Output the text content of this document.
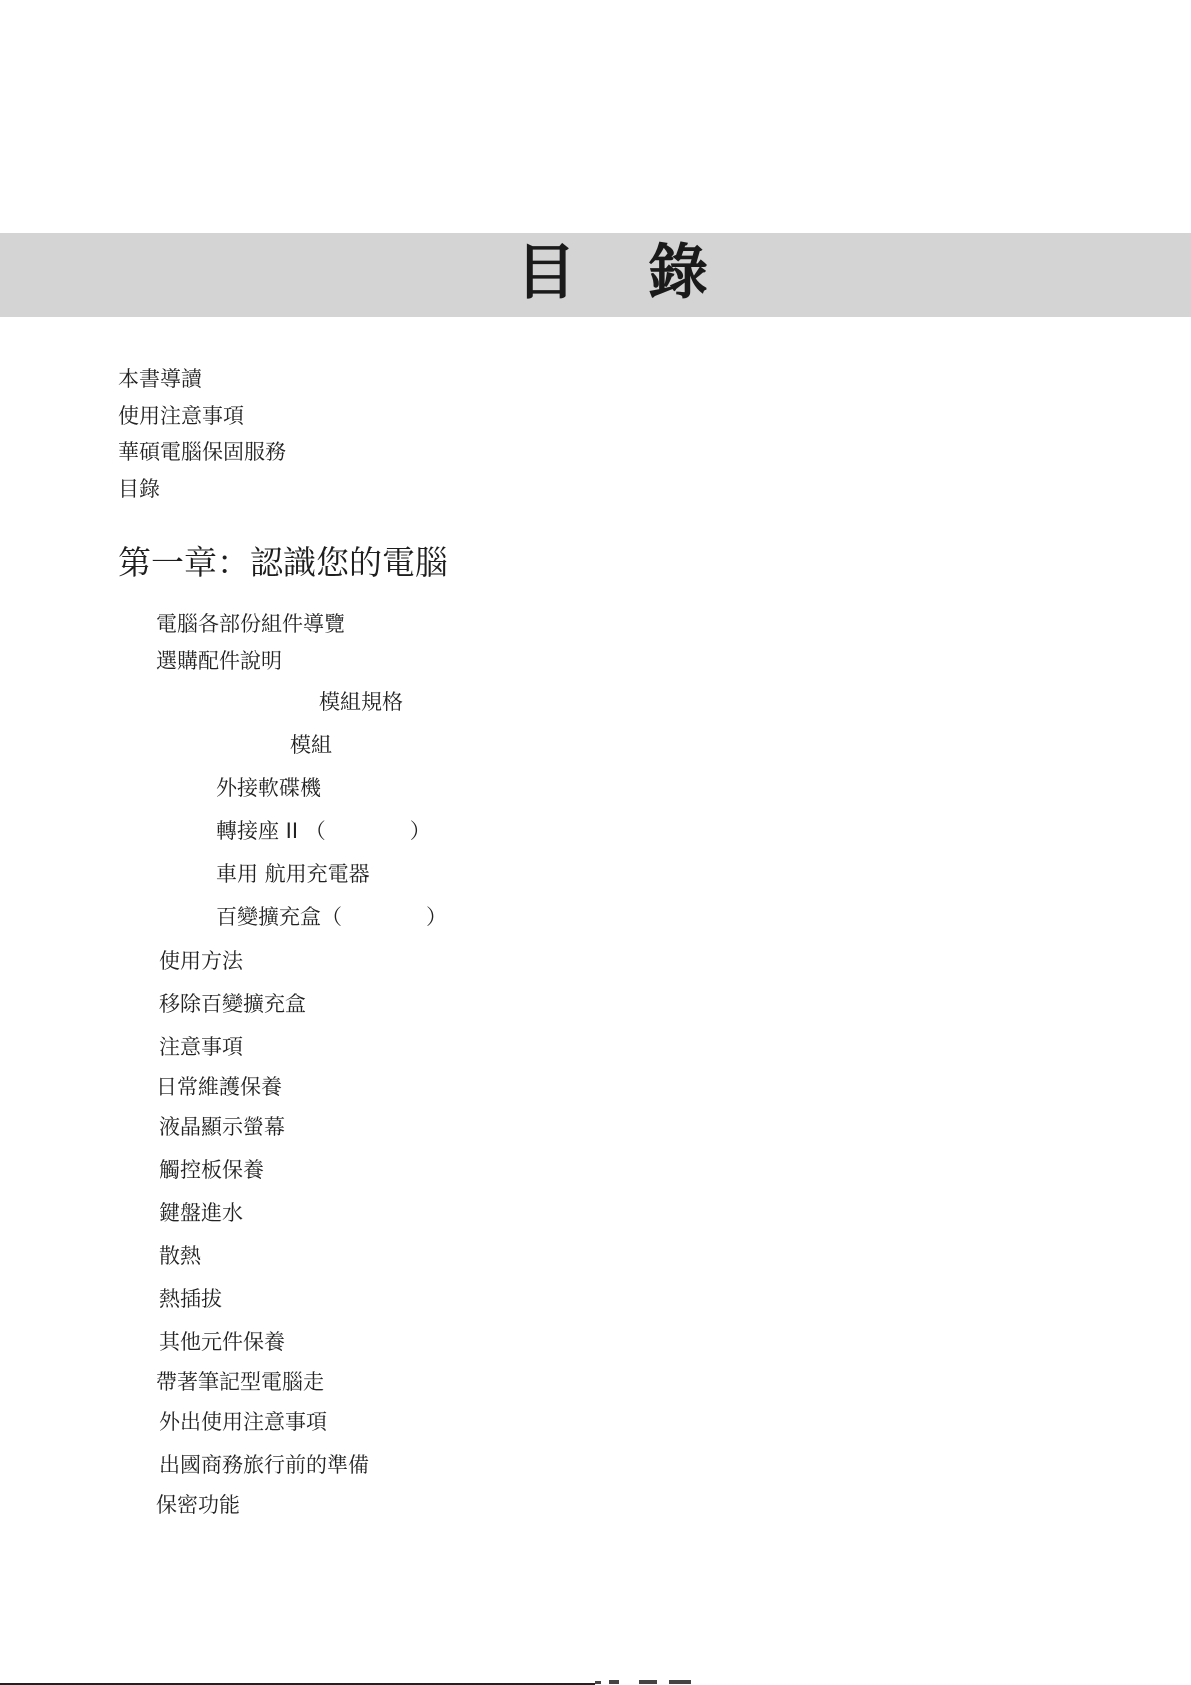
目 錄
本書導讀
使用注意事項
華碩電腦保固服務
目錄
第一章：認識您的電腦
電腦各部份組件導覽
選購配件說明
模組規格
模組
外接軟碟機
轉接座 II （　　　　）
車用 航用充電器
百變擴充盒（　　　　）
使用方法
移除百變擴充盒
注意事項
日常維護保養
液晶顯示螢幕
觸控板保養
鍵盤進水
散熱
熱插拔
其他元件保養
帶著筆記型電腦走
外出使用注意事項
出國商務旅行前的準備
保密功能
